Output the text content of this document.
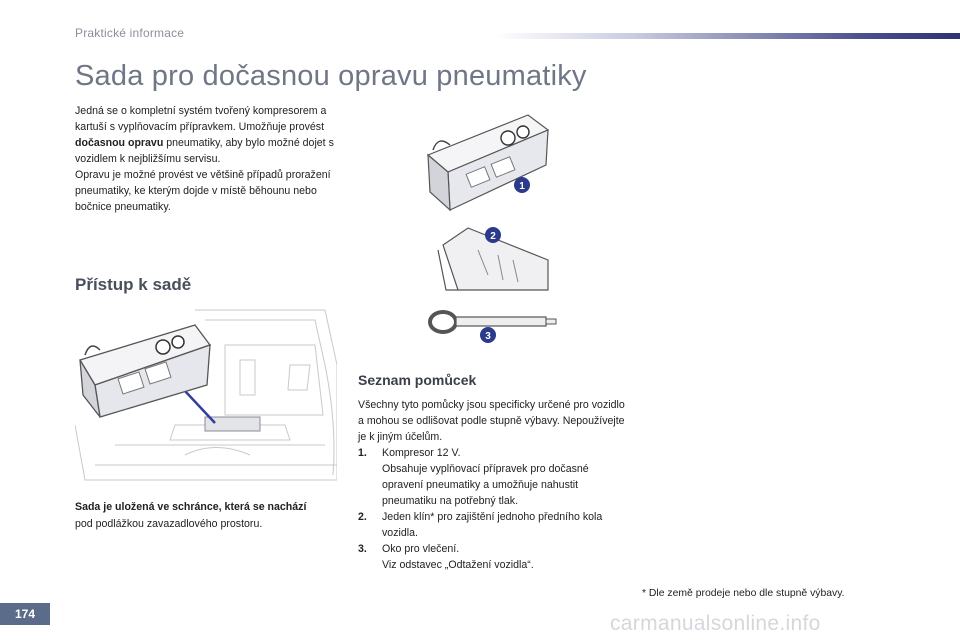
Praktické informace
Sada pro dočasnou opravu pneumatiky
Jedná se o kompletní systém tvořený kompresorem a kartuší s vyplňovacím přípravkem. Umožňuje provést dočasnou opravu pneumatiky, aby bylo možné dojet s vozidlem k nejbližšímu servisu.
Opravu je možné provést ve většině případů proražení pneumatiky, ke kterým dojde v místě běhounu nebo bočnice pneumatiky.
Přístup k sadě
Sada je uložená ve schránce, která se nachází
pod podlážkou zavazadlového prostoru.
1
2
3
Seznam pomůcek
Všechny tyto pomůcky jsou specificky určené pro vozidlo a mohou se odlišovat podle stupně výbavy. Nepoužívejte je k jiným účelům.
1.	Kompresor 12 V.
Obsahuje vyplňovací přípravek pro dočasné opravení pneumatiky a umožňuje nahustit pneumatiku na potřebný tlak.
2.	Jeden klín* pro zajištění jednoho předního kola vozidla.
3.	Oko pro vlečení.
Viz odstavec „Odtažení vozidla“.
* Dle země prodeje nebo dle stupně výbavy.
174	carmanualsonline.info
